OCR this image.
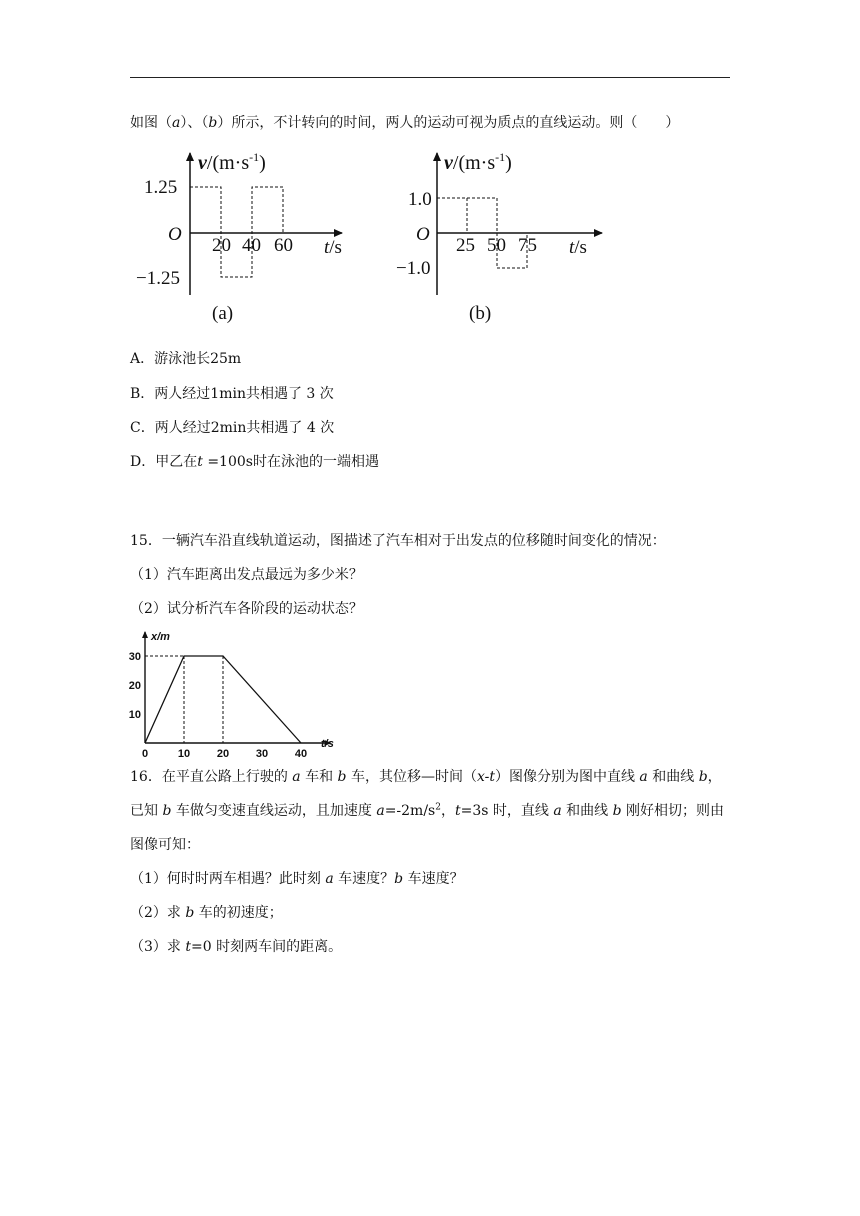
如图（a）、（b）所示，不计转向的时间，两人的运动可视为质点的直线运动。则（　　）
$v/(m\cdot s^{-1})$
1.25
−1.25
O
20 40 60 t/s
(a)
$v/(m\cdot s^{-1})$
1.0
−1.0
O
25 50 75 t/s
(b)
A．游泳池长25m
B．两人经过1min共相遇了 3 次
C．两人经过2min共相遇了 4 次
D．甲乙在t =100s时在泳池的一端相遇
15．一辆汽车沿直线轨道运动，图描述了汽车相对于出发点的位移随时间变化的情况：
（1）汽车距离出发点最远为多少米？
（2）试分析汽车各阶段的运动状态？
30
20
10
0	10 20 30 40
x/m
t/s
16．在平直公路上行驶的 a 车和 b 车，其位移—时间（x-t）图像分别为图中直线 a 和曲线 b，
已知 b 车做匀变速直线运动，且加速度 $a=-2m/s^2$，t=3s 时，直线 a 和曲线 b 刚好相切；则由
图像可知：
（1）何时时两车相遇？此时刻 a 车速度？b 车速度？
（2）求 b 车的初速度；
（3）求 t=0 时刻两车间的距离。
